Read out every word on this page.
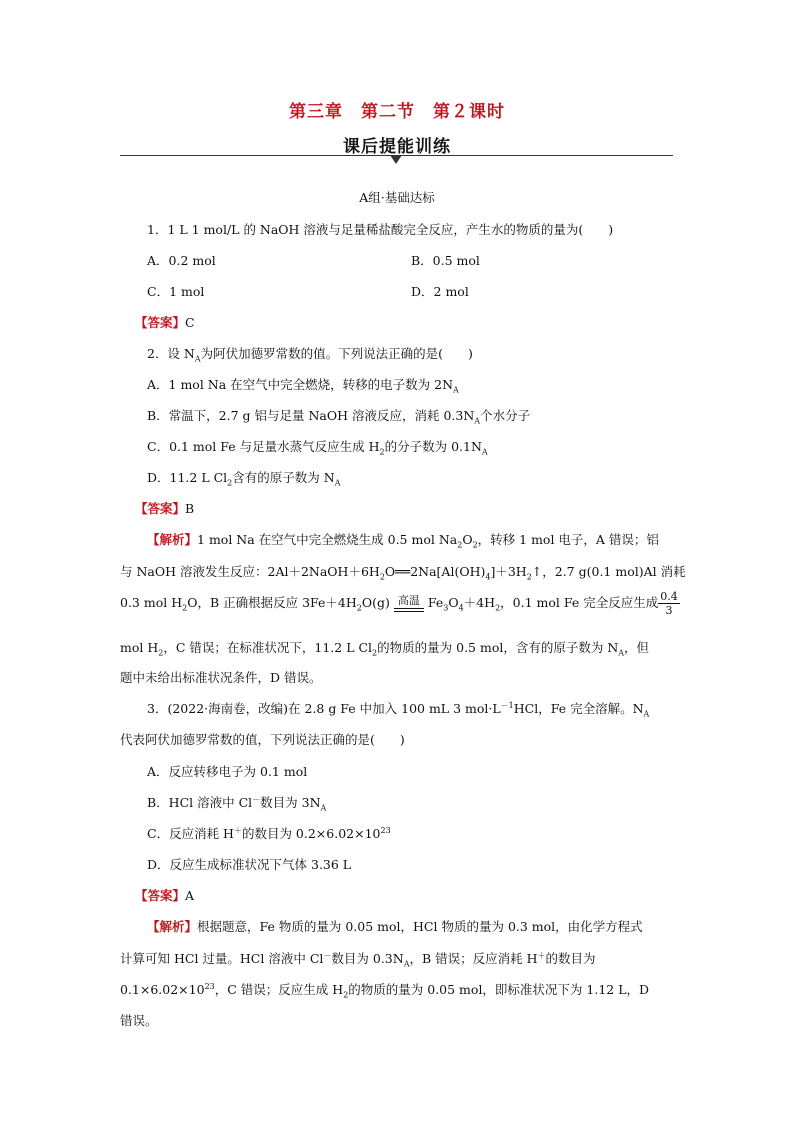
第三章　第二节　第２课时
课后提能训练
A组·基础达标
1．1 L 1 mol/L 的 NaOH 溶液与足量稀盐酸完全反应，产生水的物质的量为(　　)
A．0.2 mol	B．0.5 mol
C．1 mol	D．2 mol
【答案】C
2．设 $N_A$为阿伏加德罗常数的值。下列说法正确的是(　　)
A．1 mol Na 在空气中完全燃烧，转移的电子数为 $2N_A$
B．常温下，2.7 g 铝与足量 NaOH 溶液反应，消耗 $0.3N_A$个水分子
C．0.1 mol Fe 与足量水蒸气反应生成 $H_2$的分子数为 $0.1N_A$
D．11.2 L $Cl_2$含有的原子数为 $N_A$
【答案】B
【解析】1 mol Na 在空气中完全燃烧生成 0.5 mol $Na_2O_2$，转移 1 mol 电子，A 错误；铝
与 NaOH 溶液发生反应：$2Al+2NaOH+6H_2O══2Na[Al(OH)_4]+3H_2↑$，2.7 g(0.1 mol)Al 消耗
0.3 mol $H_2O$，B 正确根据反应 $3Fe+4H_2O(g)$ 高温 $Fe_3O_4+4H_2$，0.1 mol Fe 完全反应生成 $\frac{0.4}{3}$
mol $H_2$，C 错误；在标准状况下，11.2 L $Cl_2$的物质的量为 0.5 mol，含有的原子数为 $N_A$，但
题中未给出标准状况条件，D 错误。
3．(2022·海南卷，改编)在 2.8 g Fe 中加入 100 mL 3 $mol\cdot L^{-1}HCl$，Fe 完全溶解。$N_A$
代表阿伏加德罗常数的值，下列说法正确的是(　　)
A．反应转移电子为 0.1 mol
B．HCl 溶液中 Cl－数目为 $3N_A$
C．反应消耗 H＋的数目为 $0.2\times 6.02\times 10^{23}$
D．反应生成标准状况下气体 3.36 L
【答案】A
【解析】根据题意，Fe 物质的量为 0.05 mol，HCl 物质的量为 0.3 mol，由化学方程式
计算可知 HCl 过量。HCl 溶液中 Cl－数目为 $0.3N_A$，B 错误；反应消耗 H＋的数目为
$0.1\times 6.02\times 10^{23}$，C 错误；反应生成 $H_2$的物质的量为 0.05 mol，即标准状况下为 1.12 L，D
错误。
